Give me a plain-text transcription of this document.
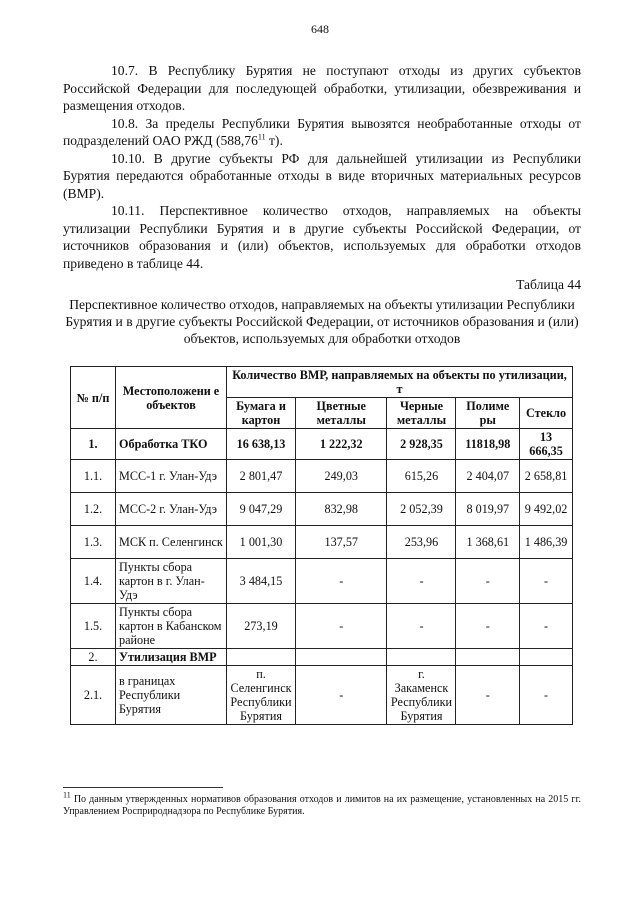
648

10.7. В Республику Бурятия не поступают отходы из других субъектов Российской Федерации для последующей обработки, утилизации, обезвреживания и размещения отходов.

10.8. За пределы Республики Бурятия вывозятся необработанные отходы от подразделений ОАО РЖД (588,76$^{11}$ т).

10.10. В другие субъекты РФ для дальнейшей утилизации из Республики Бурятия передаются обработанные отходы в виде вторичных материальных ресурсов (ВМР).

10.11. Перспективное количество отходов, направляемых на объекты утилизации Республики Бурятия и в другие субъекты Российской Федерации, от источников образования и (или) объектов, используемых для обработки отходов приведено в таблице 44.

Таблица 44

Перспективное количество отходов, направляемых на объекты утилизации Республики Бурятия и в другие субъекты Российской Федерации, от источников образования и (или) объектов, используемых для обработки отходов

№ п/п	Местоположени е объектов	Количество ВМР, направляемых на объекты по утилизации, т				
		Бумага и картон	Цветные металлы	Черные металлы	Полиме ры	Стекло
1.	Обработка ТКО	16 638,13	1 222,32	2 928,35	11818,98	13 666,35
1.1.	МСС-1 г. Улан-Удэ	2 801,47	249,03	615,26	2 404,07	2 658,81
1.2.	МСС-2 г. Улан-Удэ	9 047,29	832,98	2 052,39	8 019,97	9 492,02
1.3.	МСК п. Селенгинск	1 001,30	137,57	253,96	1 368,61	1 486,39
1.4.	Пункты сбора картон в г. Улан-Удэ	3 484,15	-	-	-	-
1.5.	Пункты сбора картон в Кабанском районе	273,19	-	-	-	-
2.	Утилизация ВМР					
2.1.	в границах Республики Бурятия	п. Селенгинск Республики Бурятия	-	г. Закаменск Республики Бурятия	-	-
$^{11}$ По данным утвержденных нормативов образования отходов и лимитов на их размещение, установленных на 2015 гг. Управлением Росприроднадзора по Республике Бурятия.
